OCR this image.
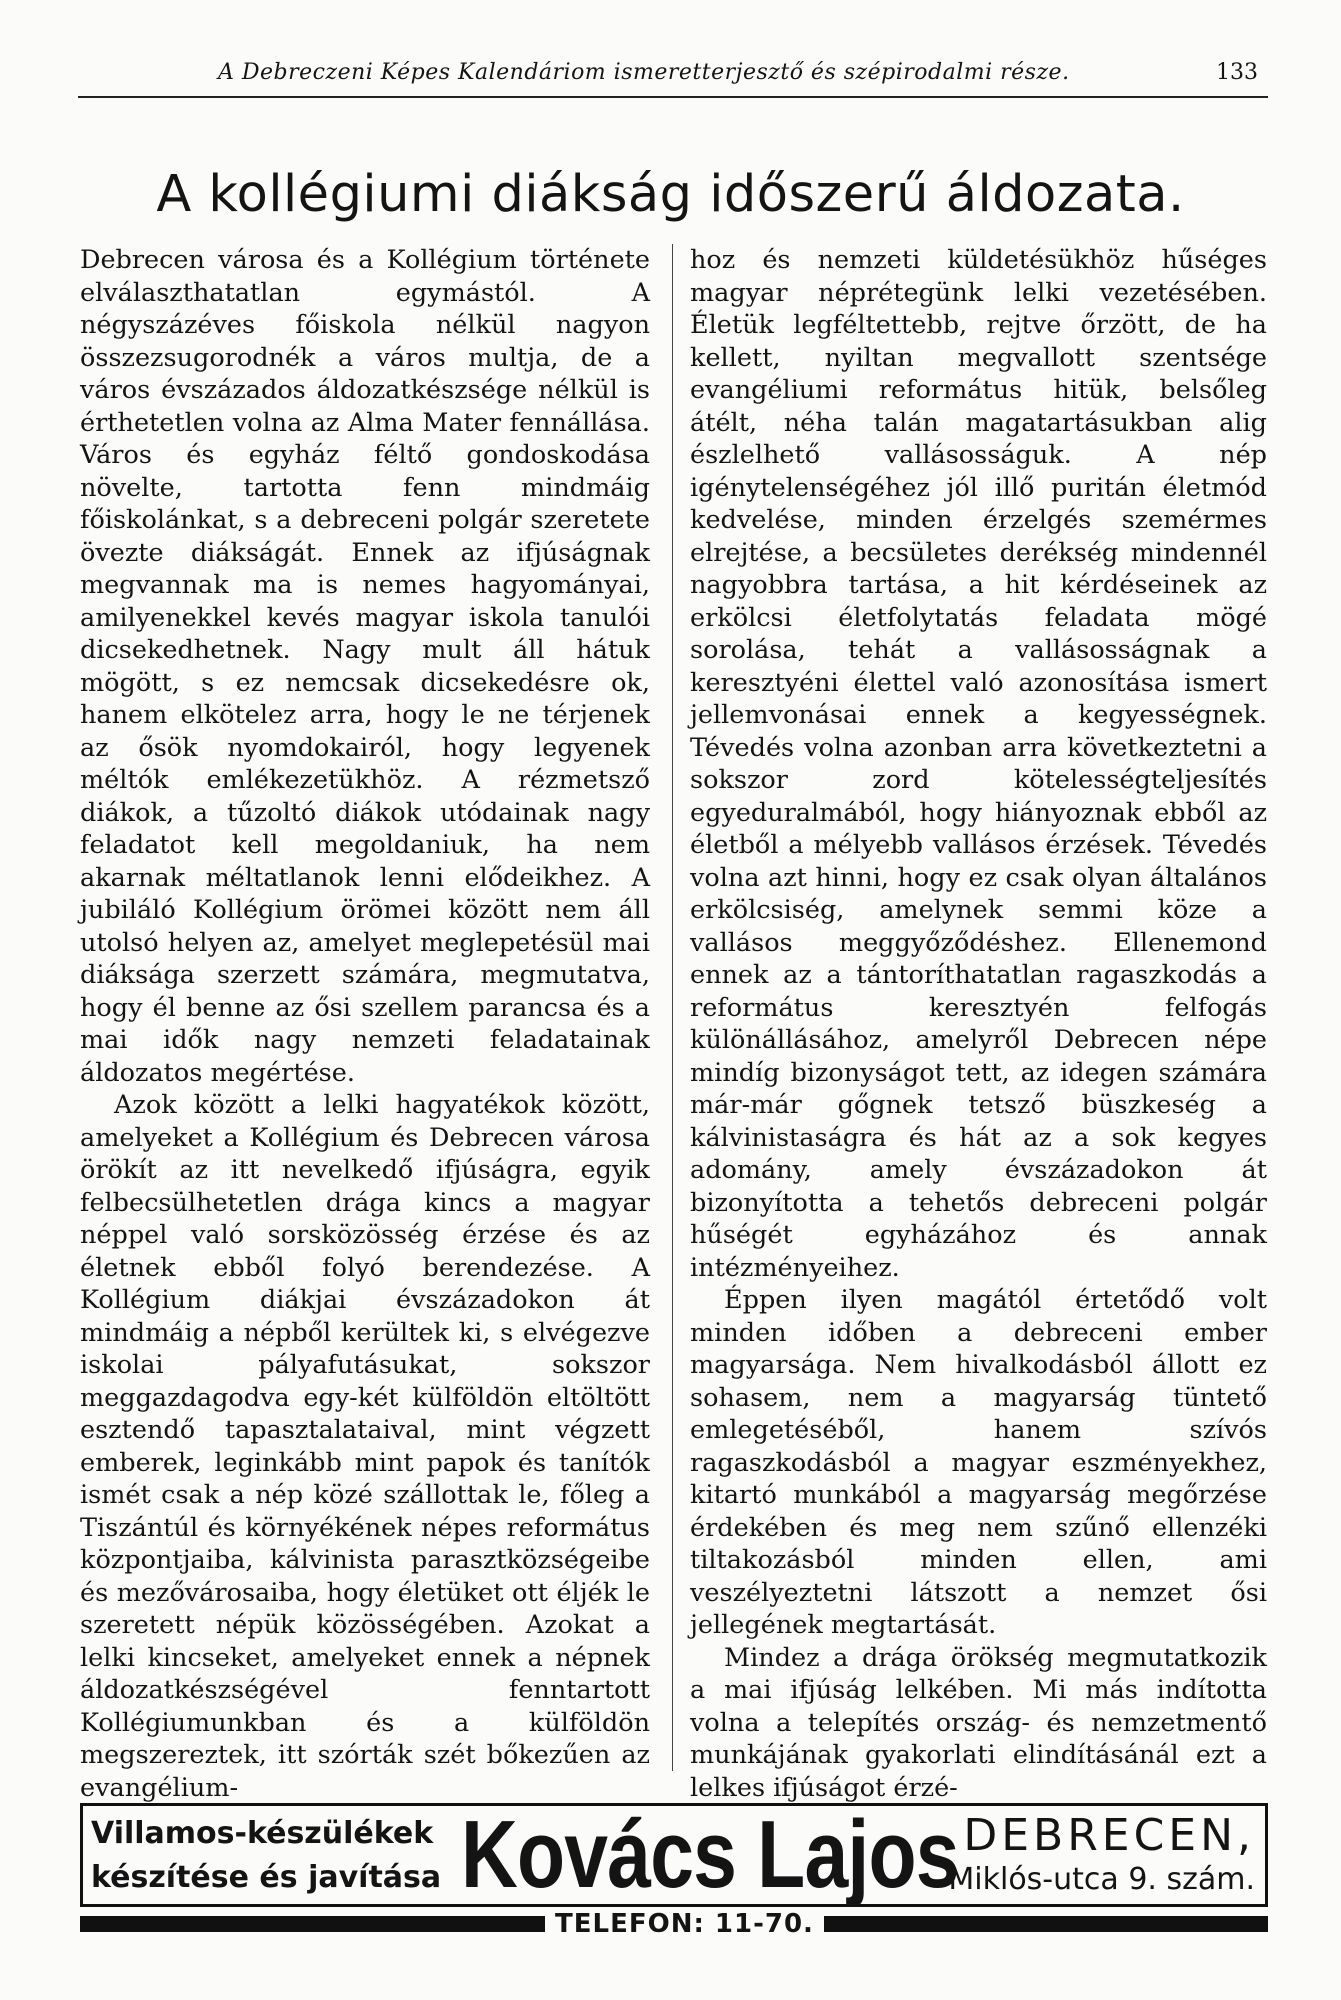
A Debreczeni Képes Kalendáriom ismeretterjesztő és szépirodalmi része.	133
A kollégiumi diákság időszerű áldozata.

Debrecen városa és a Kollégium története elválaszthatatlan egymástól. A négyszázéves főiskola nélkül nagyon összezsugorodnék a város multja, de a város évszázados áldozatkészsége nélkül is érthetetlen volna az Alma Mater fennállása. Város és egyház féltő gondoskodása növelte, tartotta fenn mindmáig főiskolánkat, s a debreceni polgár szeretete övezte diákságát. Ennek az ifjúságnak megvannak ma is nemes hagyományai, amilyenekkel kevés magyar iskola tanulói dicsekedhetnek. Nagy mult áll hátuk mögött, s ez nemcsak dicsekedésre ok, hanem elkötelez arra, hogy le ne térjenek az ősök nyomdokairól, hogy legyenek méltók emlékezetükhöz. A rézmetsző diákok, a tűzoltó diákok utódainak nagy feladatot kell megoldaniuk, ha nem akarnak méltatlanok lenni elődeikhez. A jubiláló Kollégium örömei között nem áll utolsó helyen az, amelyet meglepetésül mai diáksága szerzett számára, megmutatva, hogy él benne az ősi szellem parancsa és a mai idők nagy nemzeti feladatainak áldozatos megértése.

Azok között a lelki hagyatékok között, amelyeket a Kollégium és Debrecen városa örökít az itt nevelkedő ifjúságra, egyik felbecsülhetetlen drága kincs a magyar néppel való sorsközösség érzése és az életnek ebből folyó berendezése. A Kollégium diákjai évszázadokon át mindmáig a népből kerültek ki, s elvégezve iskolai pályafutásukat, sokszor meggazdagodva egy-két külföldön eltöltött esztendő tapasztalataival, mint végzett emberek, leginkább mint papok és tanítók ismét csak a nép közé szállottak le, főleg a Tiszántúl és környékének népes református központjaiba, kálvinista parasztközségeibe és mezővárosaiba, hogy életüket ott éljék le szeretett népük közösségében. Azokat a lelki kincseket, amelyeket ennek a népnek áldozatkészségével fenntartott Kollégiumunkban és a külföldön megszereztek, itt szórták szét bőkezűen az evangélium-

hoz és nemzeti küldetésükhöz hűséges magyar néprétegünk lelki vezetésében. Életük legféltettebb, rejtve őrzött, de ha kellett, nyiltan megvallott szentsége evangéliumi református hitük, belsőleg átélt, néha talán magatartásukban alig észlelhető vallásosságuk. A nép igénytelenségéhez jól illő puritán életmód kedvelése, minden érzelgés szemérmes elrejtése, a becsületes derékség mindennél nagyobbra tartása, a hit kérdéseinek az erkölcsi életfolytatás feladata mögé sorolása, tehát a vallásosságnak a keresztyéni élettel való azonosítása ismert jellemvonásai ennek a kegyességnek. Tévedés volna azonban arra következtetni a sokszor zord kötelességteljesítés egyeduralmából, hogy hiányoznak ebből az életből a mélyebb vallásos érzések. Tévedés volna azt hinni, hogy ez csak olyan általános erkölcsiség, amelynek semmi köze a vallásos meggyőződéshez. Ellenemond ennek az a tántoríthatatlan ragaszkodás a református keresztyén felfogás különállásához, amelyről Debrecen népe mindíg bizonyságot tett, az idegen számára már-már gőgnek tetsző büszkeség a kálvinistaságra és hát az a sok kegyes adomány, amely évszázadokon át bizonyította a tehetős debreceni polgár hűségét egyházához és annak intézményeihez.

Éppen ilyen magától értetődő volt minden időben a debreceni ember magyarsága. Nem hivalkodásból állott ez sohasem, nem a magyarság tüntető emlegetéséből, hanem szívós ragaszkodásból a magyar eszményekhez, kitartó munkából a magyarság megőrzése érdekében és meg nem szűnő ellenzéki tiltakozásból minden ellen, ami veszélyeztetni látszott a nemzet ősi jellegének megtartását.

Mindez a drága örökség megmutatkozik a mai ifjúság lelkében. Mi más indította volna a telepítés ország- és nemzetmentő munkájának gyakorlati elindításánál ezt a lelkes ifjúságot érzé-

Villamos-készülékek
készítése és javítása Kovács Lajos DEBRECEN,
Miklós-utca 9. szám.
TELEFON: 11-70.
